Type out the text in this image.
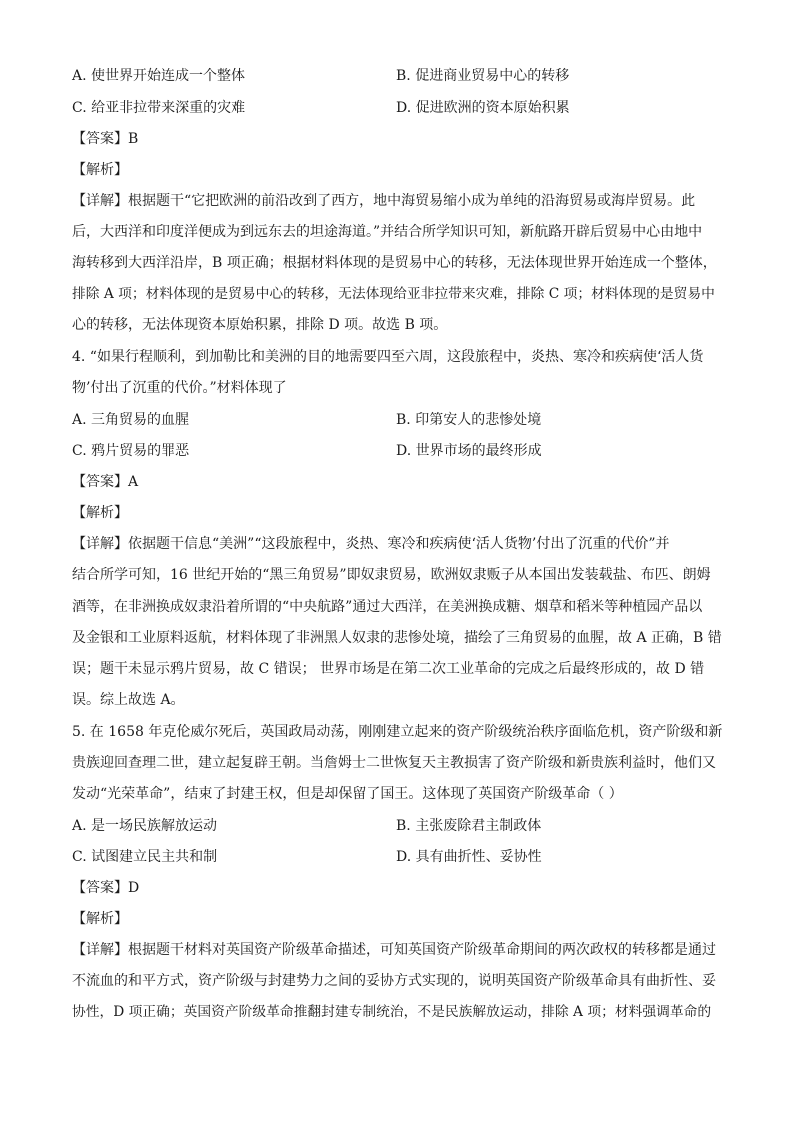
A. 使世界开始连成一个整体	B. 促进商业贸易中心的转移
C. 给亚非拉带来深重的灾难	D. 促进欧洲的资本原始积累
【答案】B
【解析】
【详解】根据题干“它把欧洲的前沿改到了西方，地中海贸易缩小成为单纯的沿海贸易或海岸贸易。此
后，大西洋和印度洋便成为到远东去的坦途海道。”并结合所学知识可知，新航路开辟后贸易中心由地中
海转移到大西洋沿岸，B 项正确；根据材料体现的是贸易中心的转移，无法体现世界开始连成一个整体，
排除 A 项；材料体现的是贸易中心的转移，无法体现给亚非拉带来灾难，排除 C 项；材料体现的是贸易中
心的转移，无法体现资本原始积累，排除 D 项。故选 B 项。
4. “如果行程顺利，到加勒比和美洲的目的地需要四至六周，这段旅程中，炎热、寒冷和疾病使‘活人货
物’付出了沉重的代价。”材料体现了
A. 三角贸易的血腥	B. 印第安人的悲惨处境
C. 鸦片贸易的罪恶	D. 世界市场的最终形成
【答案】A
【解析】
【详解】依据题干信息“美洲”“这段旅程中，炎热、寒冷和疾病使‘活人货物’付出了沉重的代价”并
结合所学可知，16 世纪开始的“黑三角贸易”即奴隶贸易，欧洲奴隶贩子从本国出发装载盐、布匹、朗姆
酒等，在非洲换成奴隶沿着所谓的“中央航路”通过大西洋，在美洲换成糖、烟草和稻米等种植园产品以
及金银和工业原料返航，材料体现了非洲黑人奴隶的悲惨处境，描绘了三角贸易的血腥，故 A 正确，B 错
误；题干未显示鸦片贸易，故 C 错误； 世界市场是在第二次工业革命的完成之后最终形成的，故 D 错
误。综上故选 A。
5. 在 1658 年克伦威尔死后，英国政局动荡，刚刚建立起来的资产阶级统治秩序面临危机，资产阶级和新
贵族迎回查理二世，建立起复辟王朝。当詹姆士二世恢复天主教损害了资产阶级和新贵族利益时，他们又
发动“光荣革命”，结束了封建王权，但是却保留了国王。这体现了英国资产阶级革命（ ）
A. 是一场民族解放运动	B. 主张废除君主制政体
C. 试图建立民主共和制	D. 具有曲折性、妥协性
【答案】D
【解析】
【详解】根据题干材料对英国资产阶级革命描述，可知英国资产阶级革命期间的两次政权的转移都是通过
不流血的和平方式，资产阶级与封建势力之间的妥协方式实现的，说明英国资产阶级革命具有曲折性、妥
协性，D 项正确；英国资产阶级革命推翻封建专制统治，不是民族解放运动，排除 A 项；材料强调革命的
